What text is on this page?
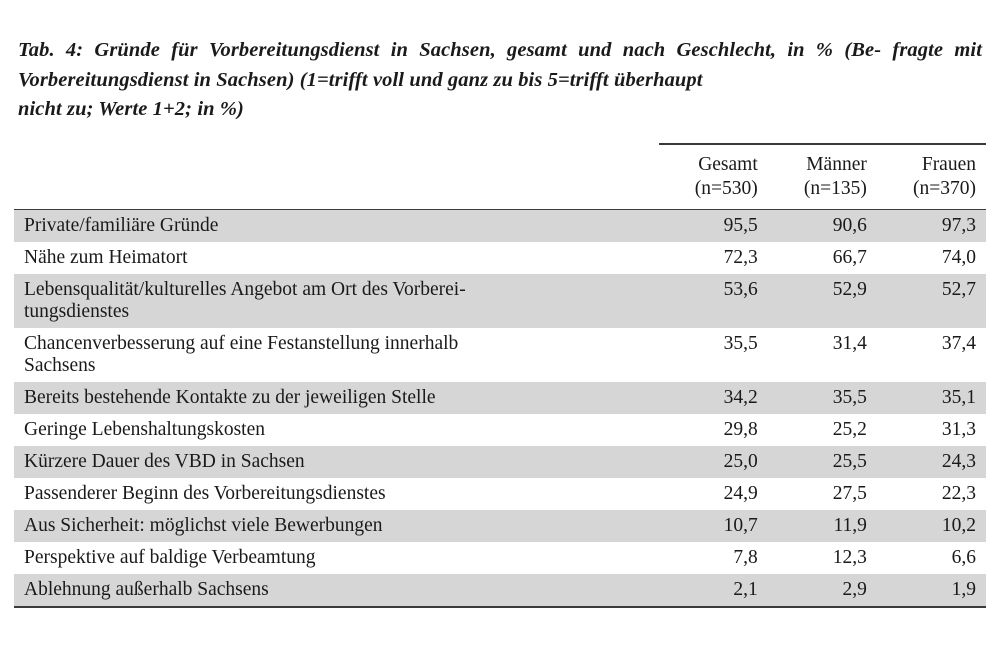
Tab. 4: Gründe für Vorbereitungsdienst in Sachsen, gesamt und nach Geschlecht, in % (Be- fragte mit Vorbereitungsdienst in Sachsen) (1=trifft voll und ganz zu bis 5=trifft überhaupt
nicht zu; Werte 1+2; in %)
	Gesamt	Männer	Frauen
	(n=530)	(n=135)	(n=370)

Private/familiäre Gründe	95,5	90,6	97,3

Nähe zum Heimatort	72,3	66,7	74,0

Lebensqualität/kulturelles Angebot am Ort des Vorberei-
tungsdienstes	53,6	52,9	52,7

Chancenverbesserung auf eine Festanstellung innerhalb
Sachsens	35,5	31,4	37,4

Bereits bestehende Kontakte zu der jeweiligen Stelle	34,2	35,5	35,1

Geringe Lebenshaltungskosten	29,8	25,2	31,3

Kürzere Dauer des VBD in Sachsen	25,0	25,5	24,3

Passenderer Beginn des Vorbereitungsdienstes	24,9	27,5	22,3

Aus Sicherheit: möglichst viele Bewerbungen	10,7	11,9	10,2

Perspektive auf baldige Verbeamtung	7,8	12,3	6,6

Ablehnung außerhalb Sachsens	2,1	2,9	1,9
